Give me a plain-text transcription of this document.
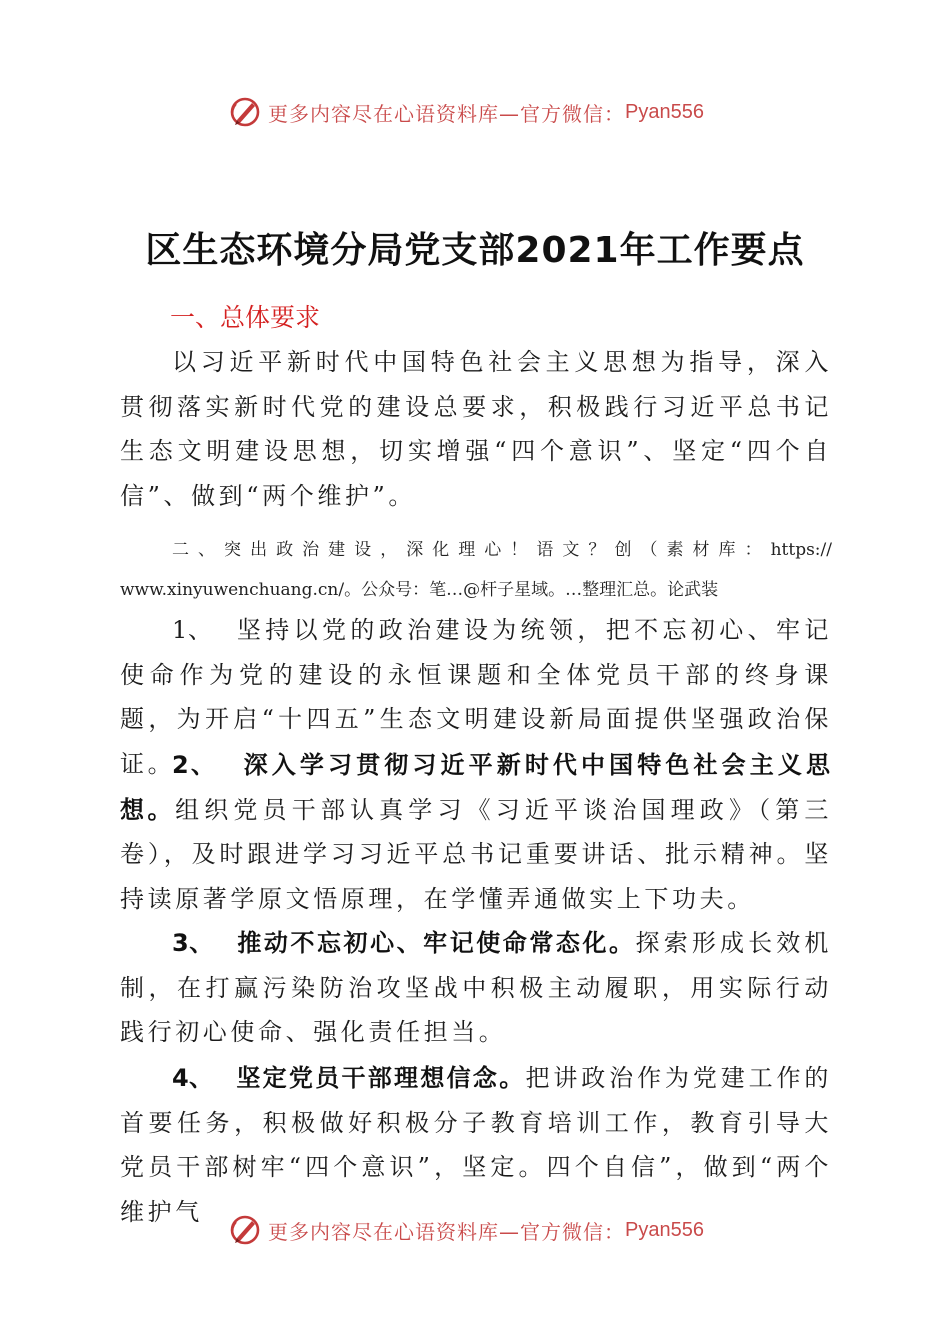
更多内容尽在心语资料库—官方微信： Pyan556
区生态环境分局党支部2021年工作要点
一、总体要求
以习近平新时代中国特色社会主义思想为指导，深入贯彻落实新时代党的建设总要求，积极践行习近平总书记生态文明建设思想，切实增强“四个意识”、坚定“四个自信”、做到“两个维护”。
二、突出政治建设，深化理心！语文？创（素材库：https://www.xinyuwenchuang.cn/。公众号：笔…@杆子星域。…整理汇总。论武装
1、 坚持以党的政治建设为统领，把不忘初心、牢记使命作为党的建设的永恒课题和全体党员干部的终身课题，为开启“十四五”生态文明建设新局面提供坚强政治保证。
2、 深入学习贯彻习近平新时代中国特色社会主义思想。组织党员干部认真学习《习近平谈治国理政》（第三卷），及时跟进学习习近平总书记重要讲话、批示精神。坚持读原著学原文悟原理，在学懂弄通做实上下功夫。
3、 推动不忘初心、牢记使命常态化。探索形成长效机制，在打赢污染防治攻坚战中积极主动履职，用实际行动践行初心使命、强化责任担当。
4、 坚定党员干部理想信念。把讲政治作为党建工作的首要任务，积极做好积极分子教育培训工作，教育引导大党员干部树牢“四个意识”，坚定。四个自信”，做到“两个维护气
更多内容尽在心语资料库—官方微信： Pyan556
